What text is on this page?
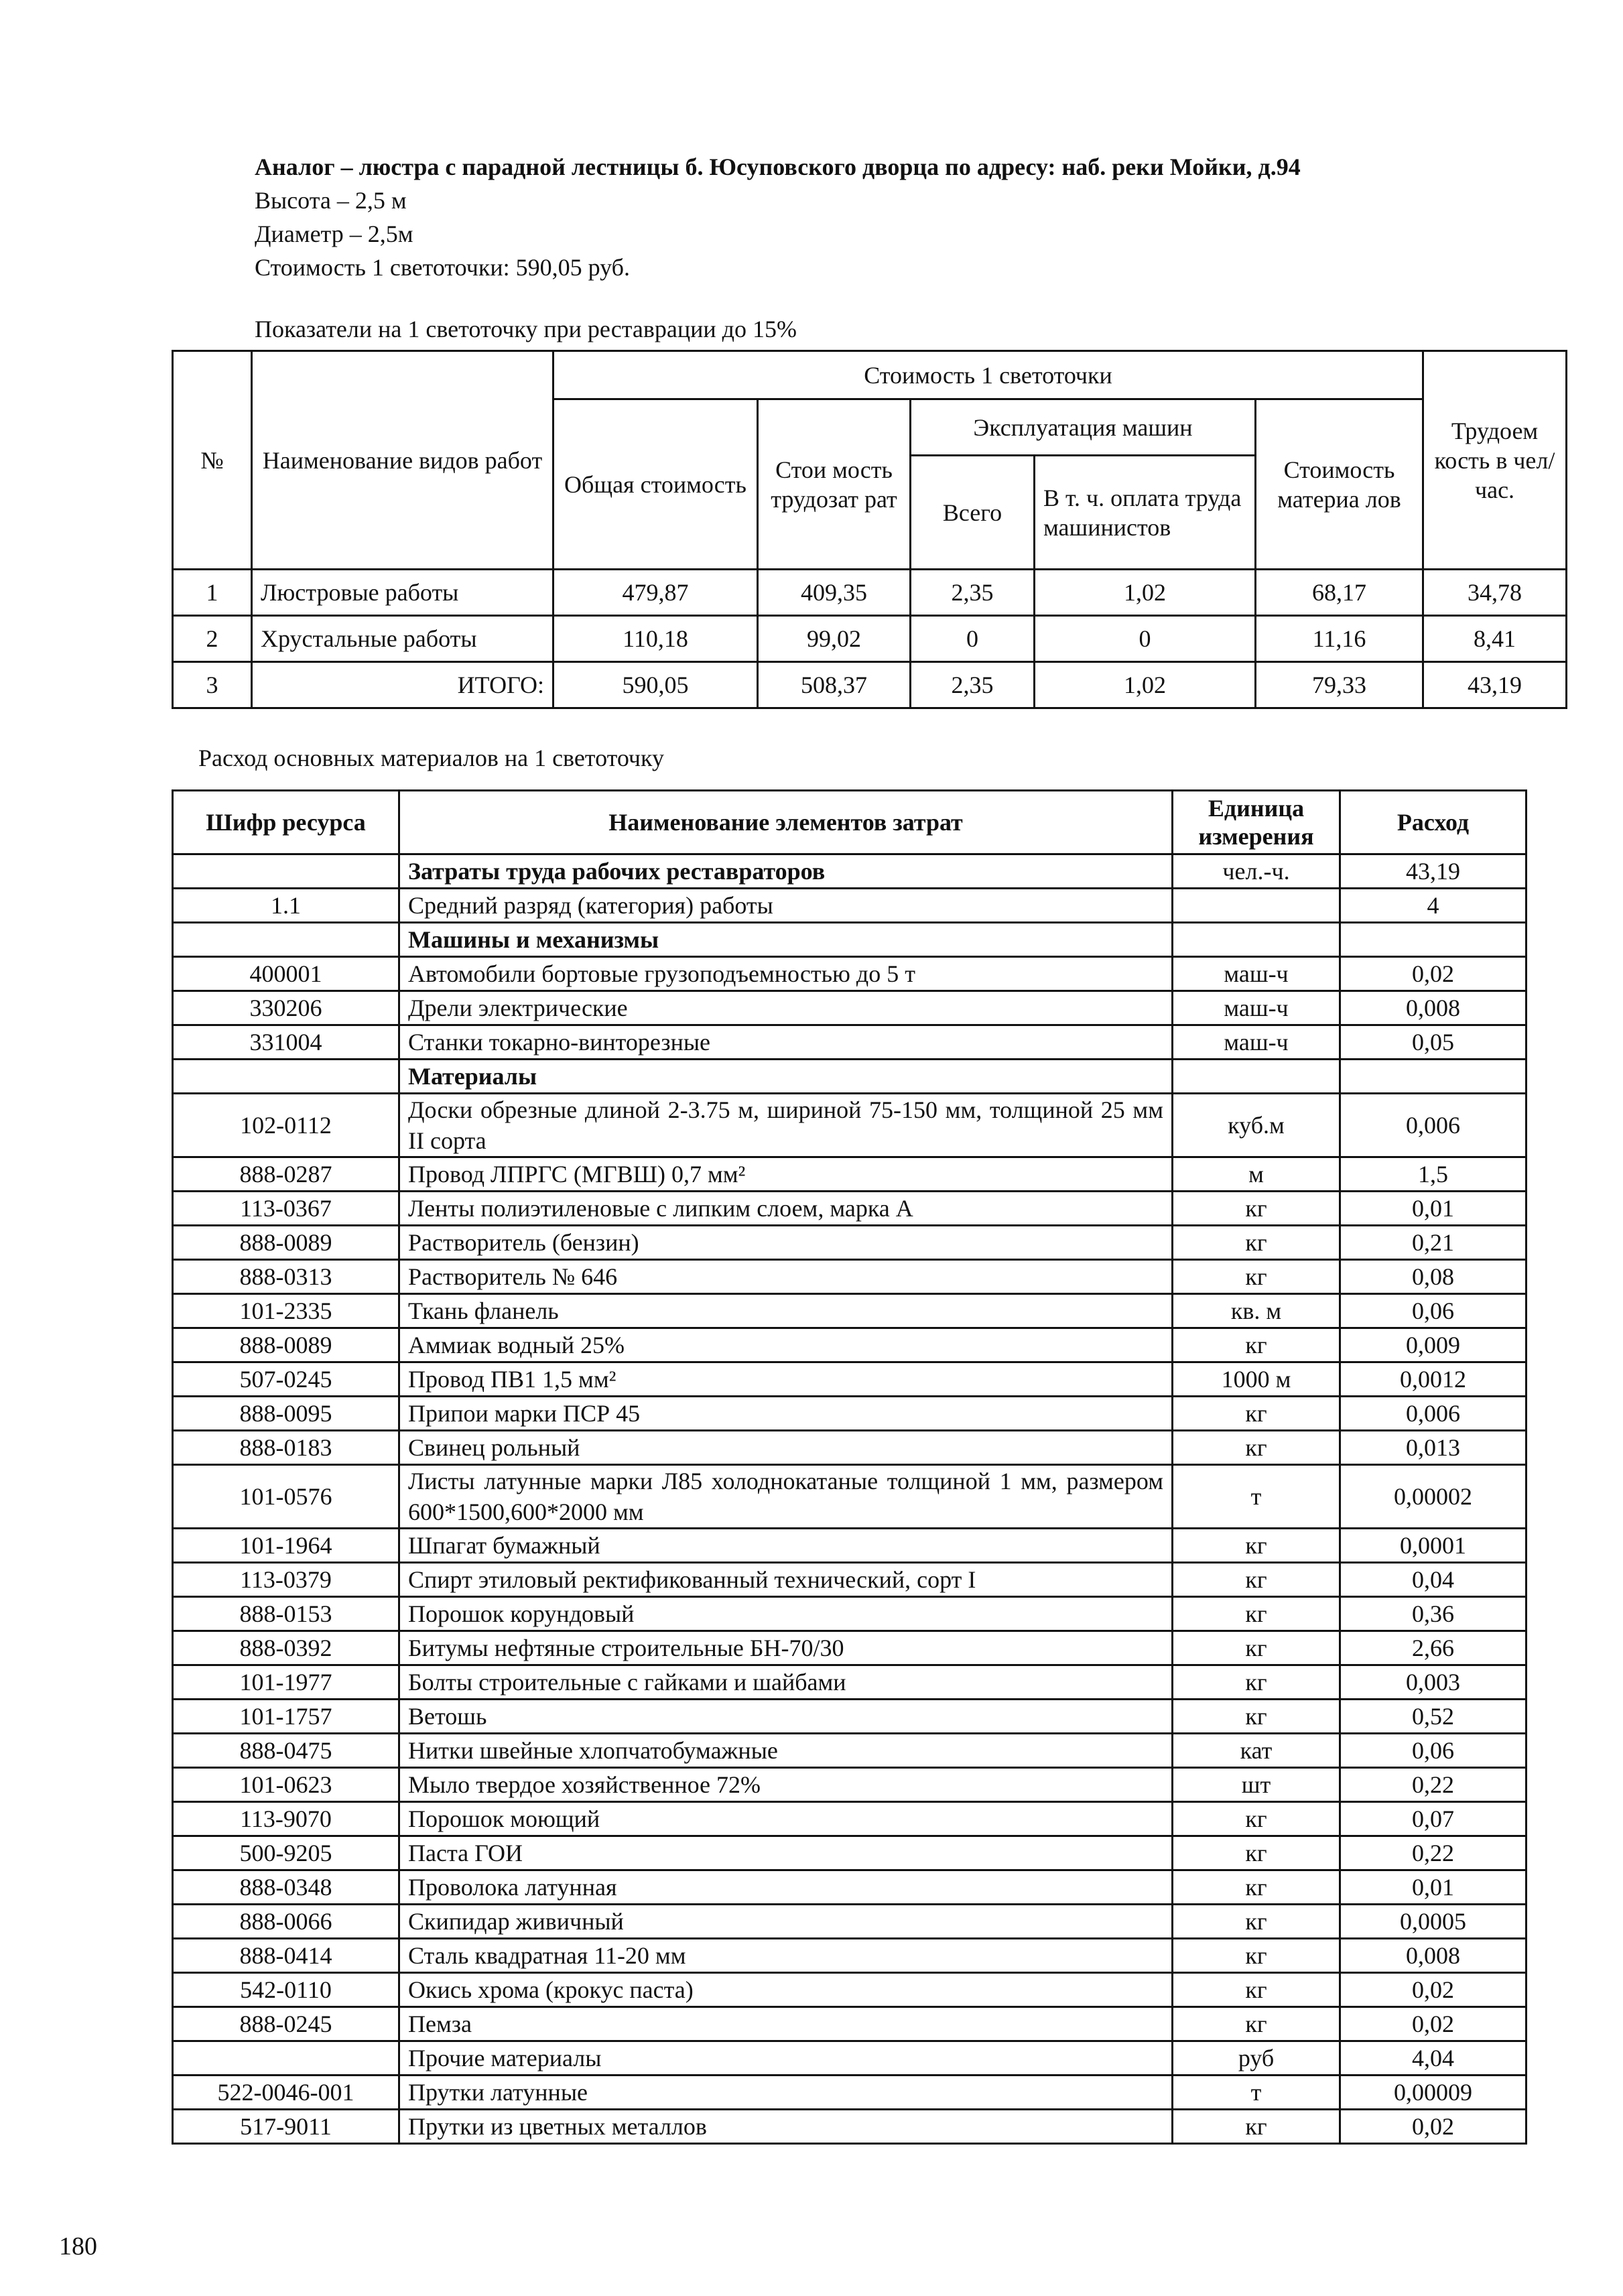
Аналог – люстра с парадной лестницы б. Юсуповского дворца по адресу: наб. реки Мойки, д.94
Высота – 2,5 м
Диаметр – 2,5м
Стоимость 1 светоточки: 590,05 руб.
Показатели на 1 светоточку при реставрации до 15%
№	Наименование видов работ	Стоимость 1 светоточки					Трудоем кость в чел/час.
		Общая стоимость	Стои мость трудозат рат	Эксплуатация машин		Стоимость материа лов	
				Всего	В т. ч. оплата труда машинистов		
1	Люстровые работы	479,87	409,35	2,35	1,02	68,17	34,78
2	Хрустальные работы	110,18	99,02	0	0	11,16	8,41
3	ИТОГО:	590,05	508,37	2,35	1,02	79,33	43,19
Расход основных материалов на 1 светоточку
Шифр ресурса	Наименование элементов затрат	Единица измерения	Расход
	Затраты труда рабочих реставраторов	чел.-ч.	43,19
1.1	Средний разряд (категория) работы		4
	Машины и механизмы		
400001	Автомобили бортовые грузоподъемностью до 5 т	маш-ч	0,02
330206	Дрели электрические	маш-ч	0,008
331004	Станки токарно-винторезные	маш-ч	0,05
	Материалы		
102-0112	Доски обрезные длиной 2-3.75 м, шириной 75-150 мм, толщиной 25 мм II сорта	куб.м	0,006
888-0287	Провод ЛПРГС (МГВШ) 0,7 мм²	м	1,5
113-0367	Ленты полиэтиленовые с липким слоем, марка А	кг	0,01
888-0089	Растворитель (бензин)	кг	0,21
888-0313	Растворитель № 646	кг	0,08
101-2335	Ткань фланель	кв. м	0,06
888-0089	Аммиак водный 25%	кг	0,009
507-0245	Провод ПВ1 1,5 мм²	1000 м	0,0012
888-0095	Припои марки ПСР 45	кг	0,006
888-0183	Свинец рольный	кг	0,013
101-0576	Листы латунные марки Л85 холоднокатаные толщиной 1 мм, размером 600*1500,600*2000 мм	т	0,00002
101-1964	Шпагат бумажный	кг	0,0001
113-0379	Спирт этиловый ректификованный технический, сорт I	кг	0,04
888-0153	Порошок корундовый	кг	0,36
888-0392	Битумы нефтяные строительные БН-70/30	кг	2,66
101-1977	Болты строительные с гайками и шайбами	кг	0,003
101-1757	Ветошь	кг	0,52
888-0475	Нитки швейные хлопчатобумажные	кат	0,06
101-0623	Мыло твердое хозяйственное 72%	шт	0,22
113-9070	Порошок моющий	кг	0,07
500-9205	Паста ГОИ	кг	0,22
888-0348	Проволока латунная	кг	0,01
888-0066	Скипидар живичный	кг	0,0005
888-0414	Сталь квадратная 11-20 мм	кг	0,008
542-0110	Окись хрома (крокус паста)	кг	0,02
888-0245	Пемза	кг	0,02
	Прочие материалы	руб	4,04
522-0046-001	Прутки латунные	т	0,00009
517-9011	Прутки из цветных металлов	кг	0,02
180
